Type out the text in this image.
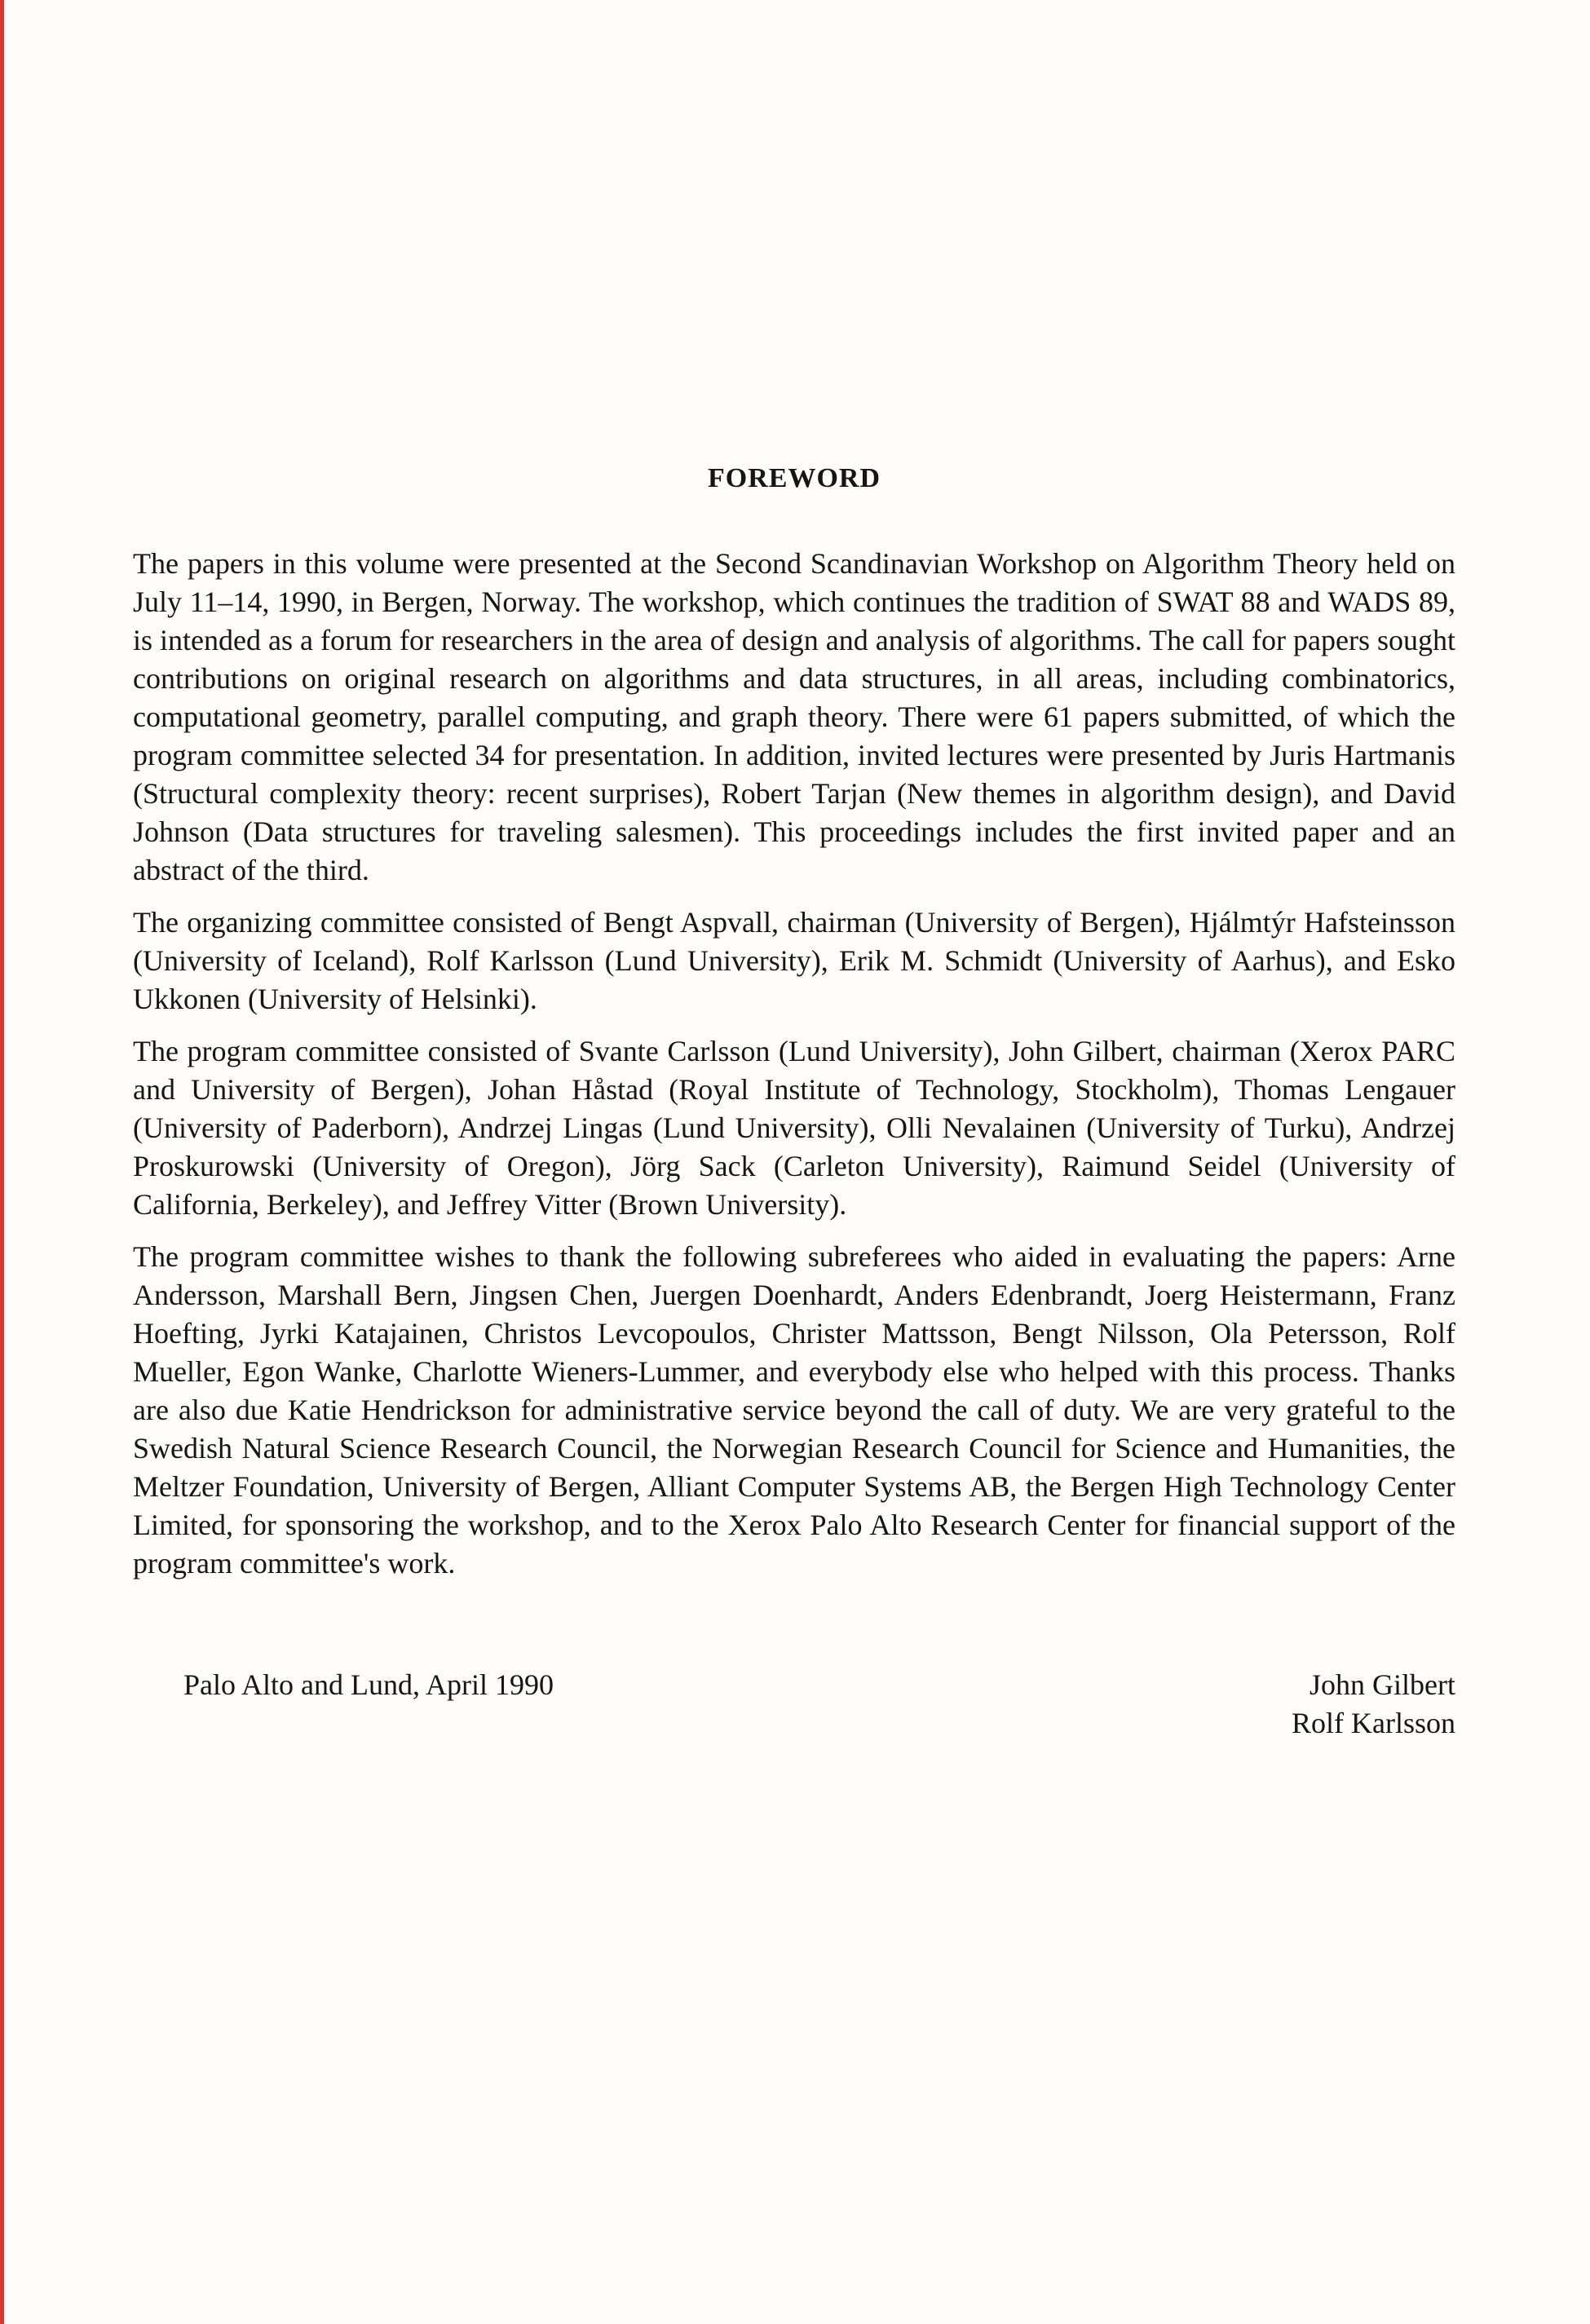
FOREWORD

The papers in this volume were presented at the Second Scandinavian Workshop on Algorithm Theory held on July 11–14, 1990, in Bergen, Norway. The workshop, which continues the tradition of SWAT 88 and WADS 89, is intended as a forum for researchers in the area of design and analysis of algorithms. The call for papers sought contributions on original research on algorithms and data structures, in all areas, including combinatorics, computational geometry, parallel computing, and graph theory. There were 61 papers submitted, of which the program committee selected 34 for presentation. In addition, invited lectures were presented by Juris Hartmanis (Structural complexity theory: recent surprises), Robert Tarjan (New themes in algorithm design), and David Johnson (Data structures for traveling salesmen). This proceedings includes the first invited paper and an abstract of the third.

The organizing committee consisted of Bengt Aspvall, chairman (University of Bergen), Hjálmtýr Hafsteinsson (University of Iceland), Rolf Karlsson (Lund University), Erik M. Schmidt (University of Aarhus), and Esko Ukkonen (University of Helsinki).

The program committee consisted of Svante Carlsson (Lund University), John Gilbert, chairman (Xerox PARC and University of Bergen), Johan Håstad (Royal Institute of Technology, Stockholm), Thomas Lengauer (University of Paderborn), Andrzej Lingas (Lund University), Olli Nevalainen (University of Turku), Andrzej Proskurowski (University of Oregon), Jörg Sack (Carleton University), Raimund Seidel (University of California, Berkeley), and Jeffrey Vitter (Brown University).

The program committee wishes to thank the following subreferees who aided in evaluating the papers: Arne Andersson, Marshall Bern, Jingsen Chen, Juergen Doenhardt, Anders Edenbrandt, Joerg Heistermann, Franz Hoefting, Jyrki Katajainen, Christos Levcopoulos, Christer Mattsson, Bengt Nilsson, Ola Petersson, Rolf Mueller, Egon Wanke, Charlotte Wieners-Lummer, and everybody else who helped with this process. Thanks are also due Katie Hendrickson for administrative service beyond the call of duty. We are very grateful to the Swedish Natural Science Research Council, the Norwegian Research Council for Science and Humanities, the Meltzer Foundation, University of Bergen, Alliant Computer Systems AB, the Bergen High Technology Center Limited, for sponsoring the workshop, and to the Xerox Palo Alto Research Center for financial support of the program committee's work.

Palo Alto and Lund, April 1990	John Gilbert
Rolf Karlsson
